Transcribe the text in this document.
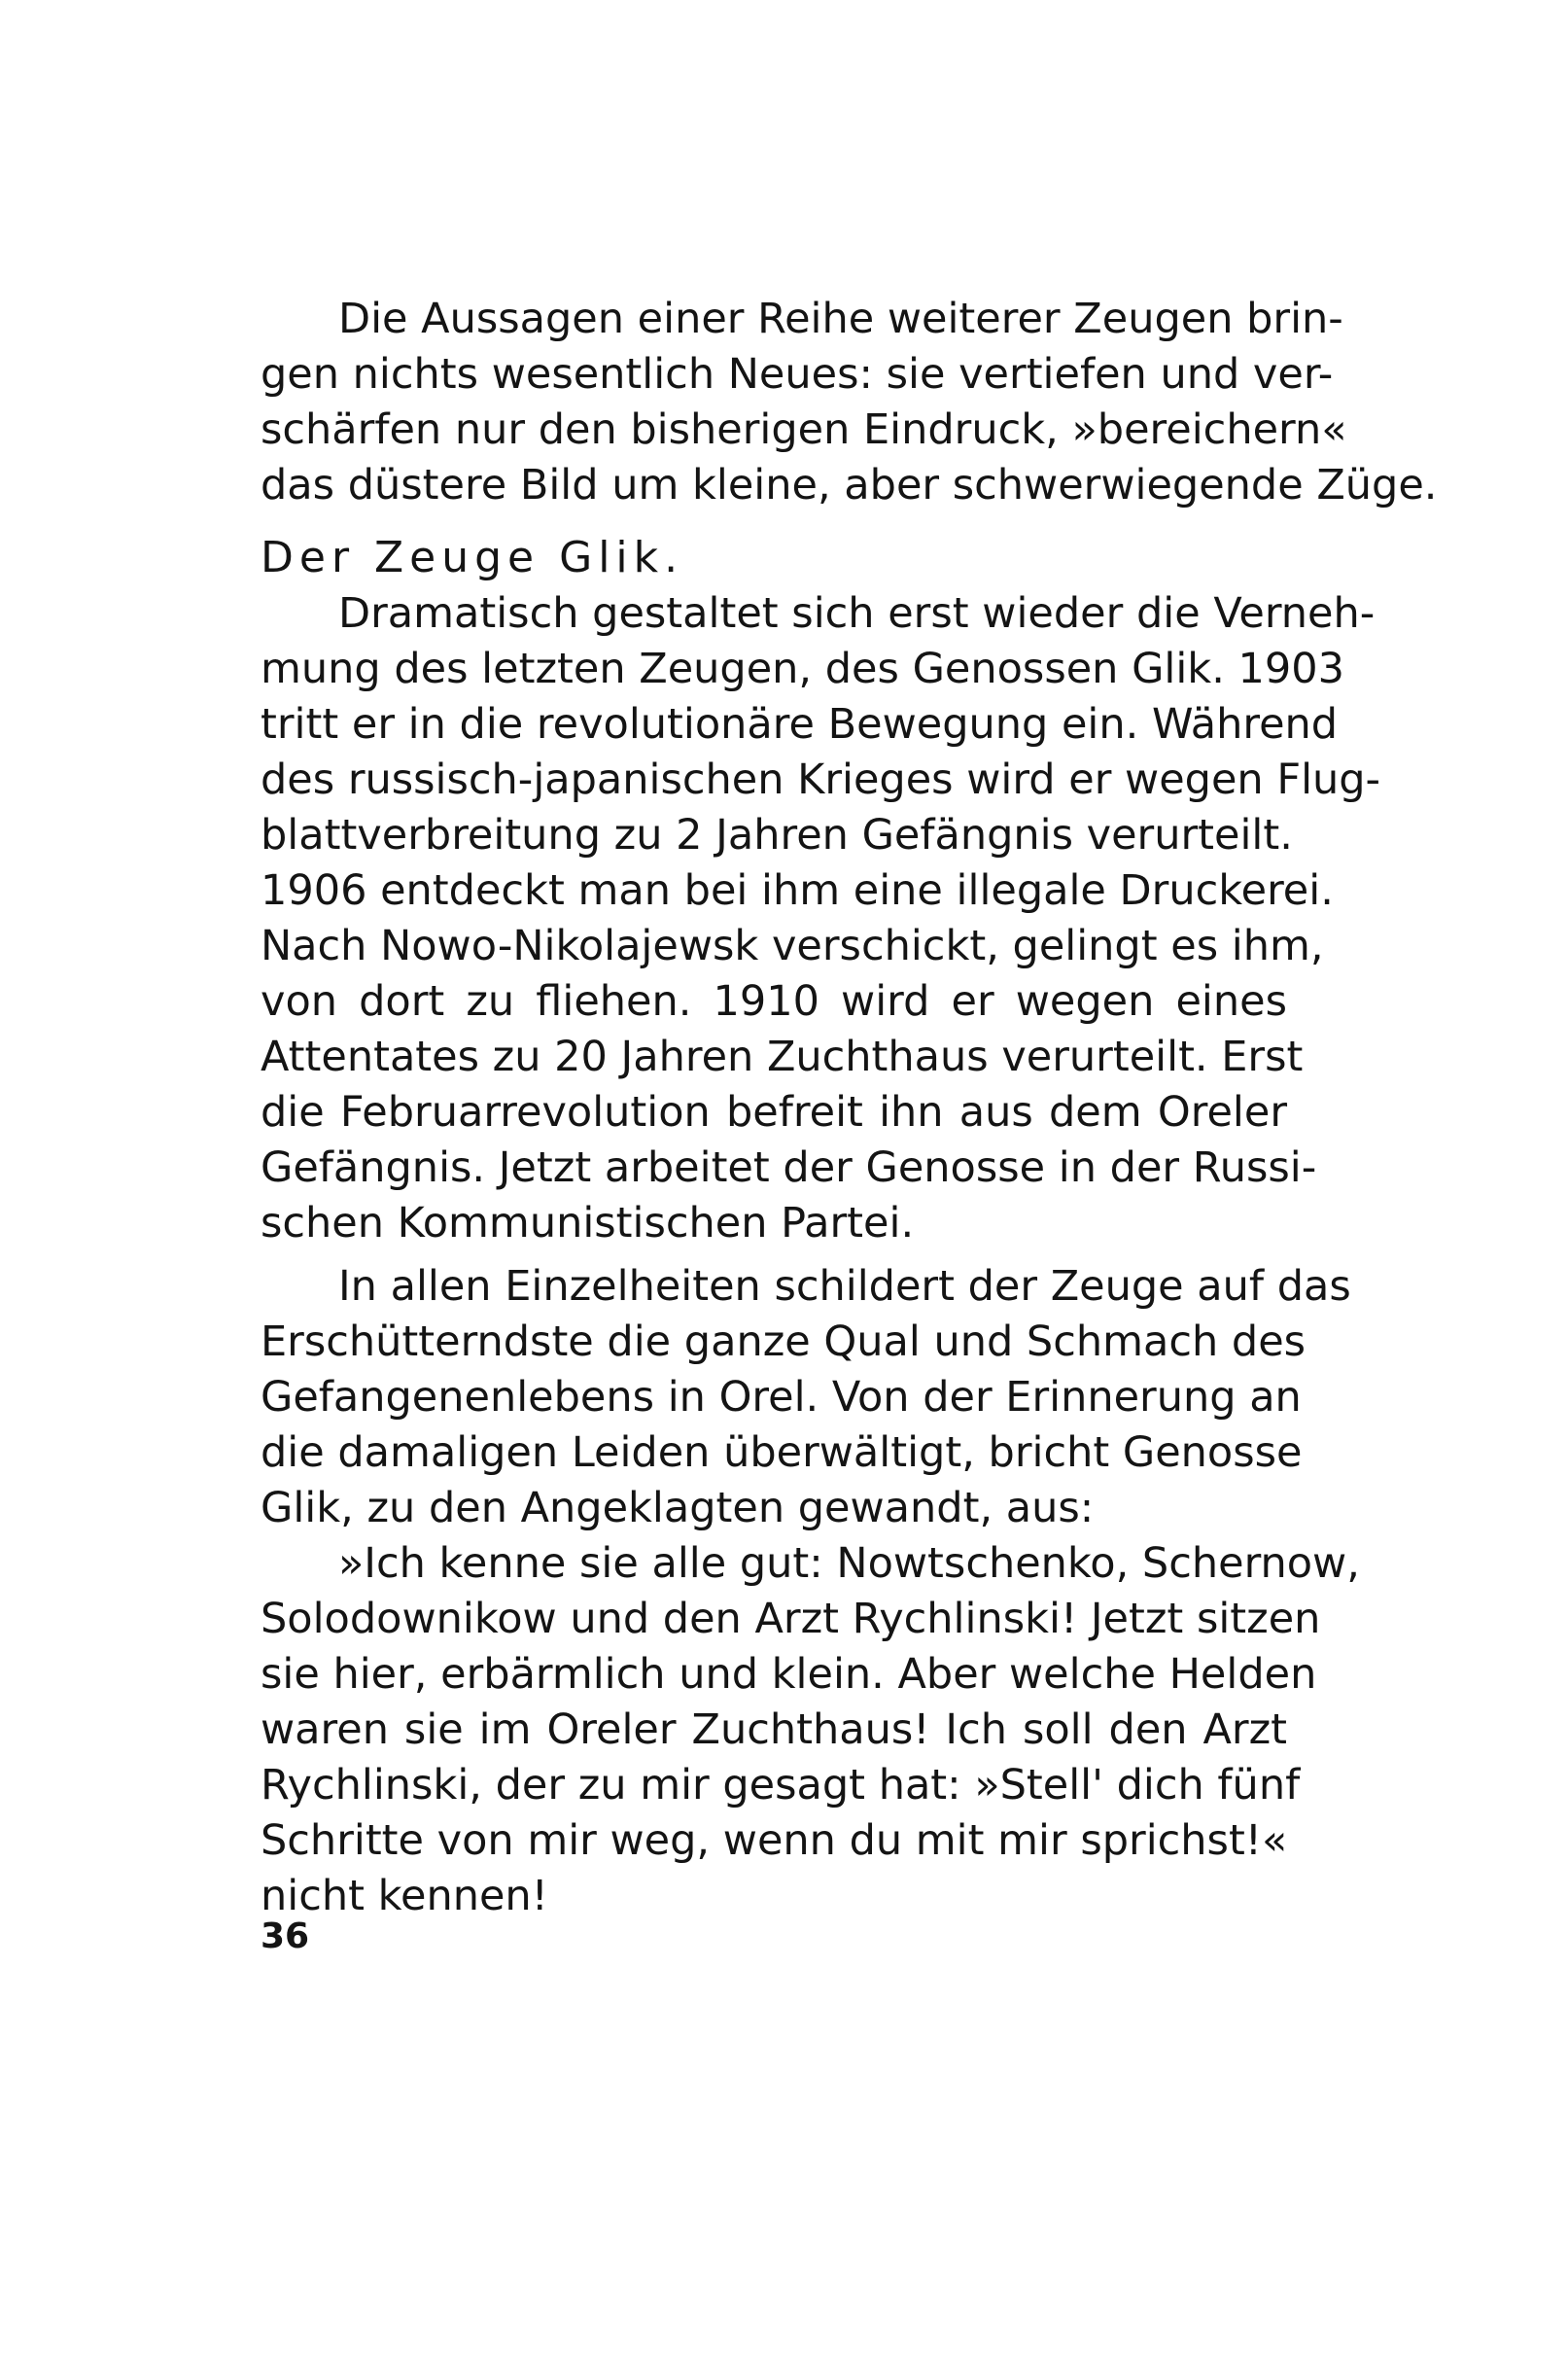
Die Aussagen einer Reihe weiterer Zeugen brin-
gen nichts wesentlich Neues: sie vertiefen und ver-
schärfen nur den bisherigen Eindruck, »bereichern«
das düstere Bild um kleine, aber schwerwiegende Züge.
Der Zeuge Glik.
Dramatisch gestaltet sich erst wieder die Verneh-
mung des letzten Zeugen, des Genossen Glik. 1903
tritt er in die revolutionäre Bewegung ein. Während
des russisch-japanischen Krieges wird er wegen Flug-
blattverbreitung zu 2 Jahren Gefängnis verurteilt.
1906 entdeckt man bei ihm eine illegale Druckerei.
Nach Nowo-Nikolajewsk verschickt, gelingt es ihm,
von dort zu fliehen. 1910 wird er wegen eines
Attentates zu 20 Jahren Zuchthaus verurteilt. Erst
die Februarrevolution befreit ihn aus dem Oreler
Gefängnis. Jetzt arbeitet der Genosse in der Russi-
schen Kommunistischen Partei.
In allen Einzelheiten schildert der Zeuge auf das
Erschütterndste die ganze Qual und Schmach des
Gefangenenlebens in Orel. Von der Erinnerung an
die damaligen Leiden überwältigt, bricht Genosse
Glik, zu den Angeklagten gewandt, aus:
»Ich kenne sie alle gut: Nowtschenko, Schernow,
Solodownikow und den Arzt Rychlinski! Jetzt sitzen
sie hier, erbärmlich und klein. Aber welche Helden
waren sie im Oreler Zuchthaus! Ich soll den Arzt
Rychlinski, der zu mir gesagt hat: »Stell' dich fünf
Schritte von mir weg, wenn du mit mir sprichst!«
nicht kennen!
36
